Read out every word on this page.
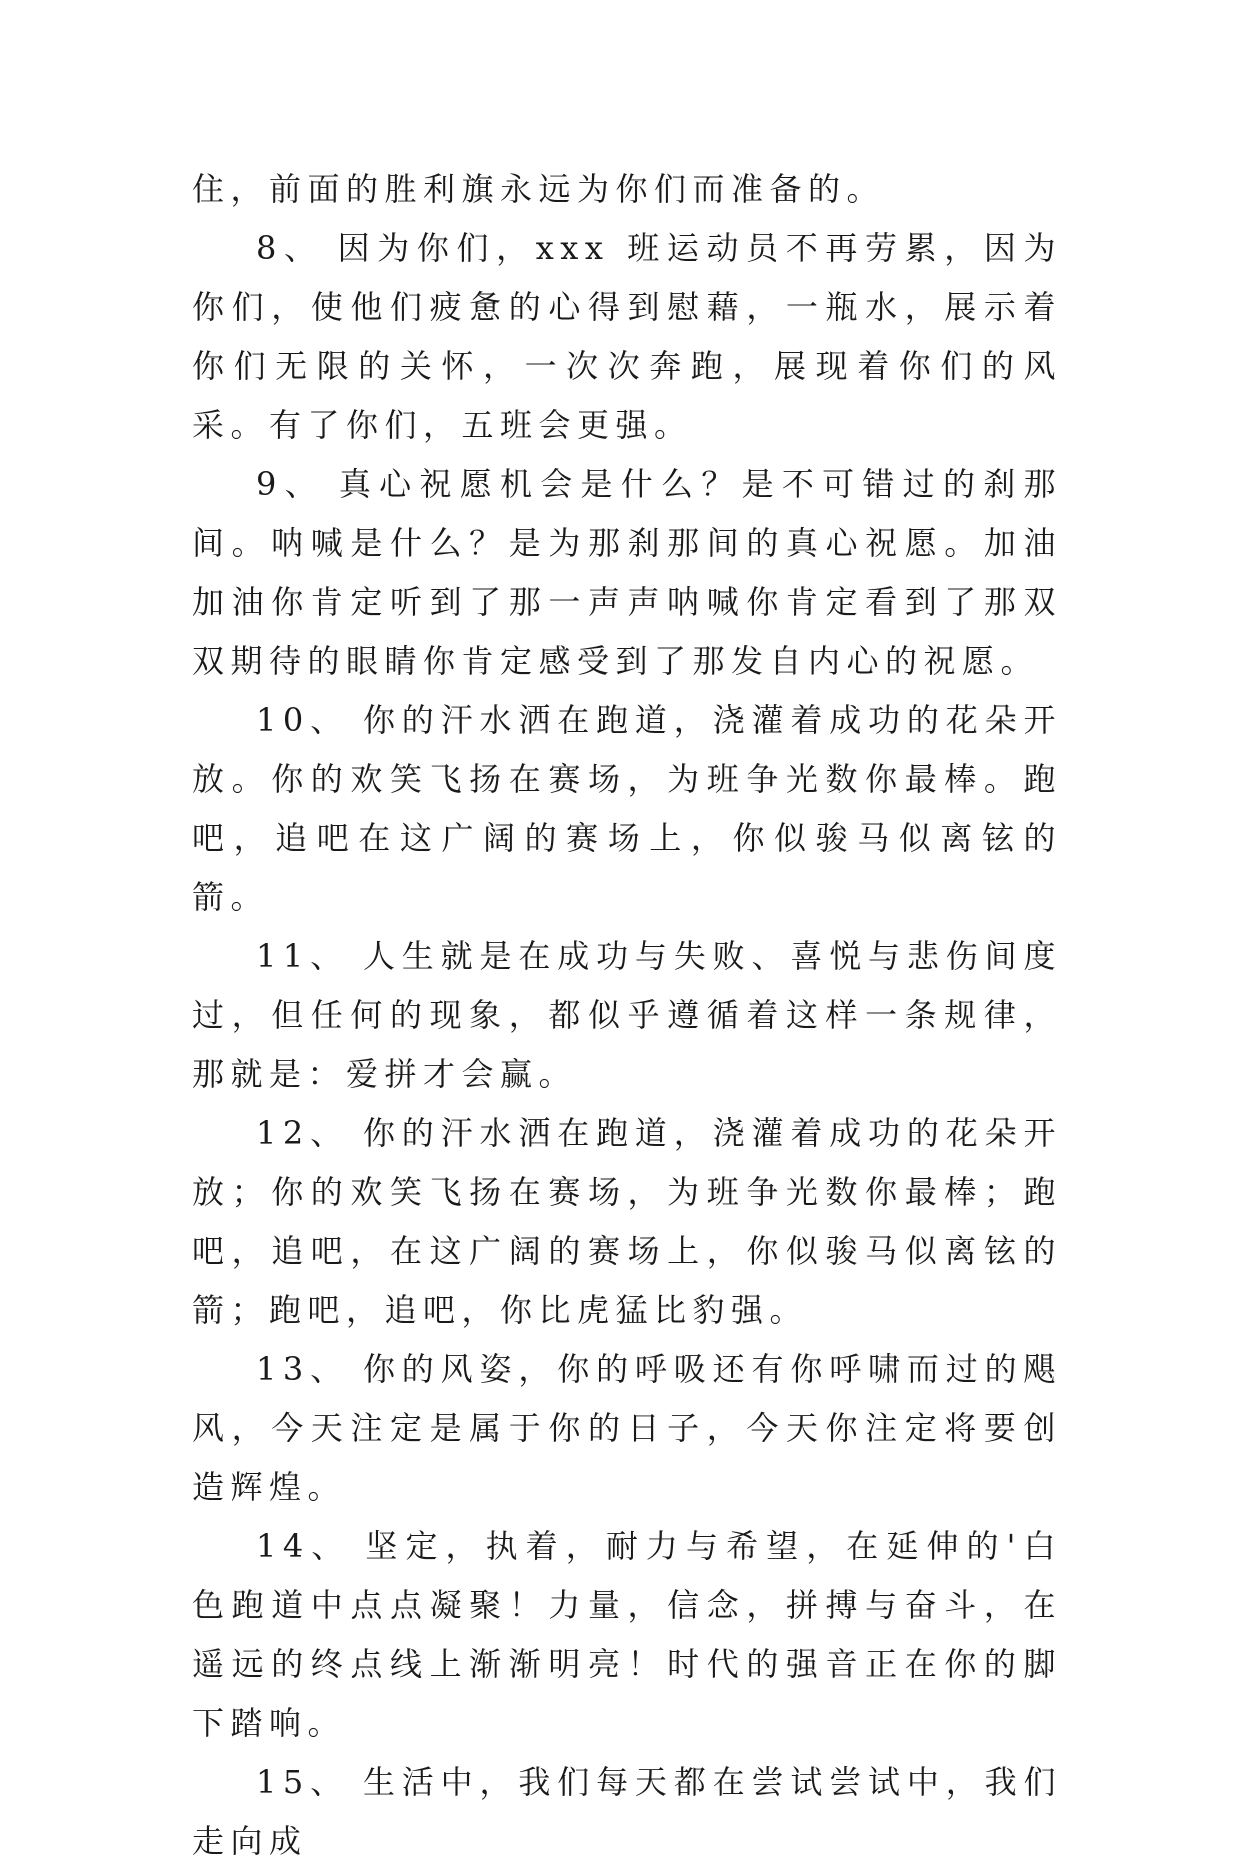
住，前面的胜利旗永远为你们而准备的。

8、 因为你们，xxx 班运动员不再劳累，因为你们，使他们疲惫的心得到慰藉，一瓶水，展示着你们无限的关怀，一次次奔跑，展现着你们的风采。有了你们，五班会更强。

9、 真心祝愿机会是什么？是不可错过的刹那间。呐喊是什么？是为那刹那间的真心祝愿。加油加油你肯定听到了那一声声呐喊你肯定看到了那双双期待的眼睛你肯定感受到了那发自内心的祝愿。

10、 你的汗水洒在跑道，浇灌着成功的花朵开放。你的欢笑飞扬在赛场，为班争光数你最棒。跑吧，追吧在这广阔的赛场上，你似骏马似离铉的箭。

11、 人生就是在成功与失败、喜悦与悲伤间度过，但任何的现象，都似乎遵循着这样一条规律，那就是：爱拼才会赢。

12、 你的汗水洒在跑道，浇灌着成功的花朵开放；你的欢笑飞扬在赛场，为班争光数你最棒；跑吧，追吧，在这广阔的赛场上，你似骏马似离铉的箭；跑吧，追吧，你比虎猛比豹强。

13、 你的风姿，你的呼吸还有你呼啸而过的飓风，今天注定是属于你的日子，今天你注定将要创造辉煌。

14、 坚定，执着，耐力与希望，在延伸的'白色跑道中点点凝聚！力量，信念，拼搏与奋斗，在遥远的终点线上渐渐明亮！时代的强音正在你的脚下踏响。

15、 生活中，我们每天都在尝试尝试中，我们走向成
